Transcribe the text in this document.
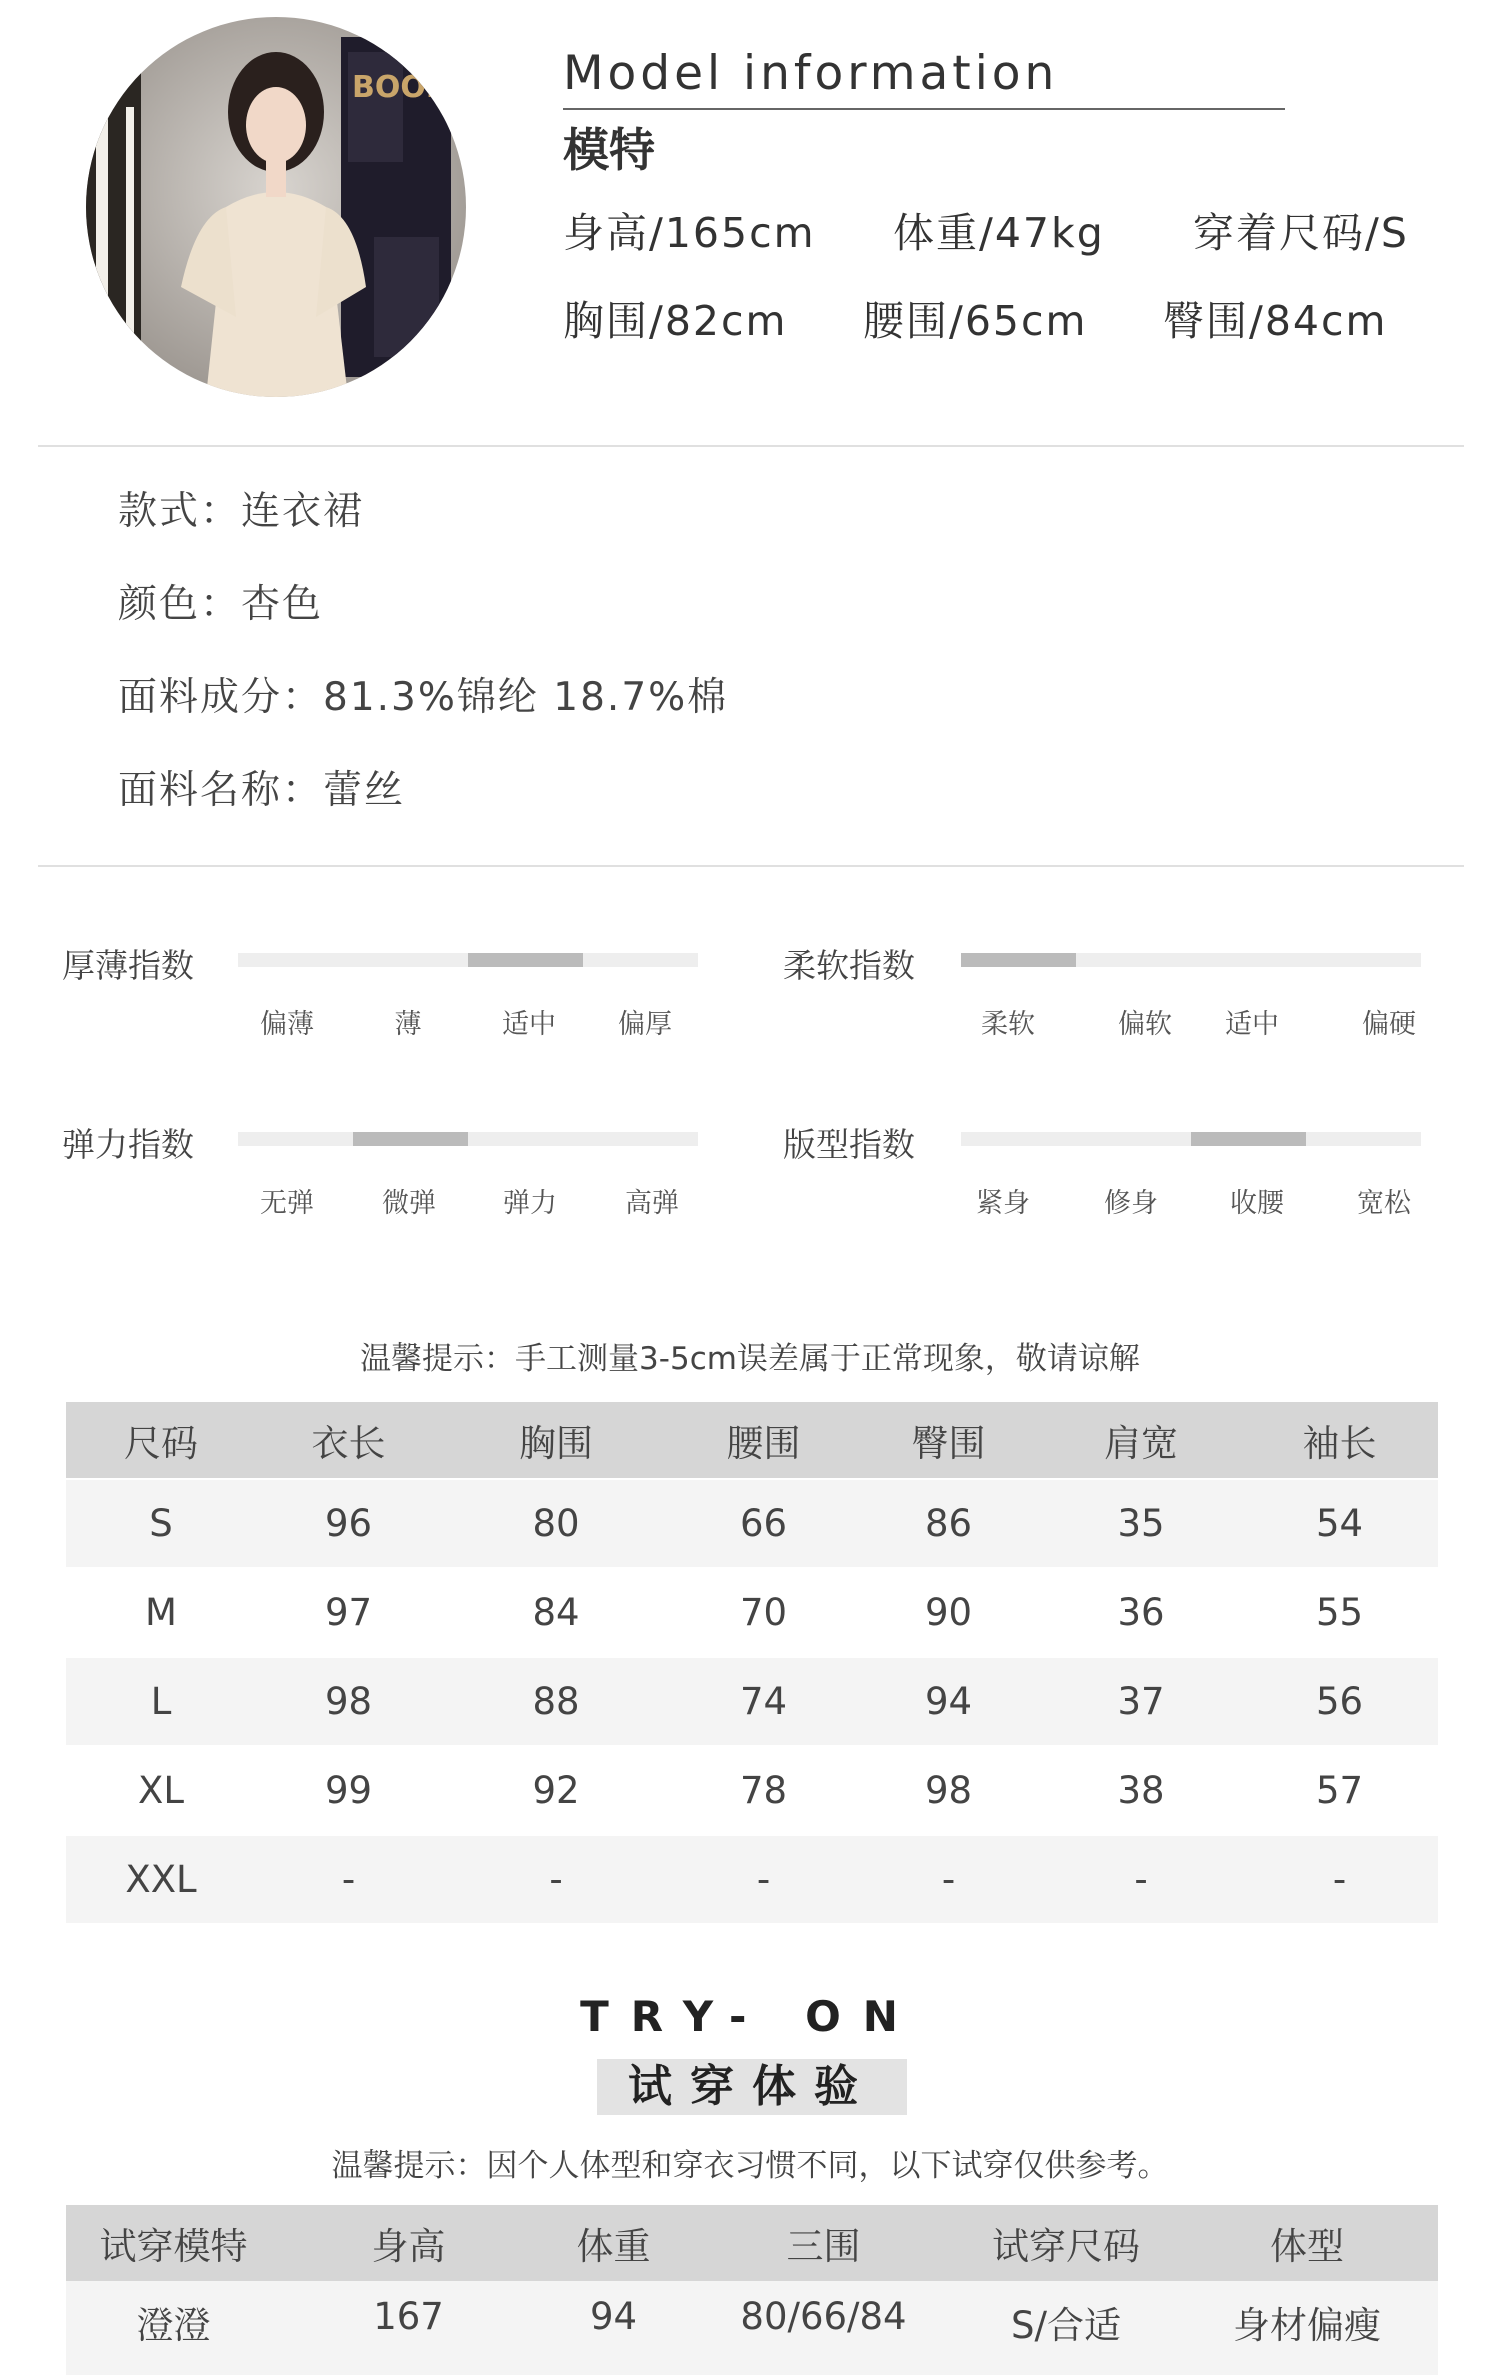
BOOM Model information
模特
身高/165cm 体重/47kg 穿着尺码/S
胸围/82cm 腰围/65cm 臀围/84cm
款式：连衣裙
颜色：杏色
面料成分：81.3%锦纶 18.7%棉
面料名称：蕾丝
厚薄指数
偏薄	薄	适中	偏厚
柔软指数
柔软	偏软	适中	偏硬
弹力指数
无弹	微弹	弹力	高弹
版型指数
紧身	修身	收腰	宽松
温馨提示：手工测量3-5cm误差属于正常现象，敬请谅解
尺码	衣长	胸围	腰围	臀围	肩宽	袖长
S	96	80	66	86	35	54
M	97	84	70	90	36	55
L	98	88	74	94	37	56
XL	99	92	78	98	38	57
XXL	-	-	-	-	-	-
TRY- ON
试穿体验
温馨提示：因个人体型和穿衣习惯不同，以下试穿仅供参考。
试穿模特	身高	体重	三围	试穿尺码	体型
澄澄	167	94	80/66/84	S/合适	身材偏瘦
